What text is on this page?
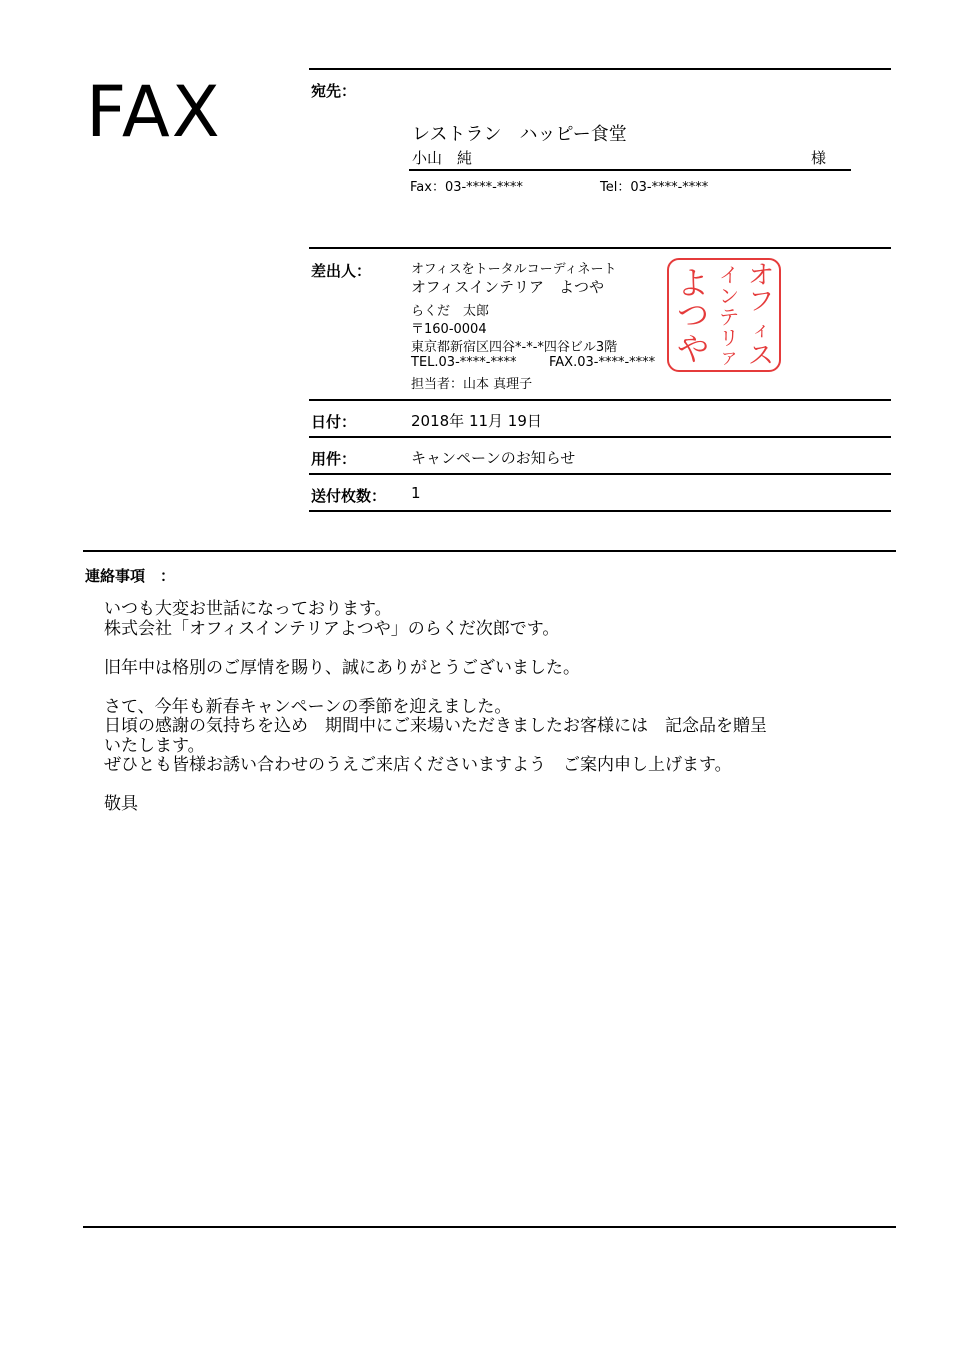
FAX	宛先：
レストラン　ハッピー食堂
小山　純	様
Fax：03-****-****	Tel：03-****-****
差出人：	オフィスをトータルコーディネート
オフィスインテリア　よつや
らくだ　太郎
〒160-0004
東京都新宿区四谷*-*-*四谷ビル3階
TEL.03-****-****	FAX.03-****-****
担当者：山本 真理子
オ
フ
ィ
ス
イ
ン
テ
リ
ア
よ
つ
や
日付：	2018年 11月 19日
用件：	キャンペーンのお知らせ
送付枚数： 1
連絡事項　：
いつも大変お世話になっております。
株式会社「オフィスインテリアよつや」のらくだ次郎です。

旧年中は格別のご厚情を賜り、誠にありがとうございました。

さて、今年も新春キャンペーンの季節を迎えました。
日頃の感謝の気持ちを込め　期間中にご来場いただきましたお客様には　記念品を贈呈
いたします。
ぜひとも皆様お誘い合わせのうえご来店くださいますよう　ご案内申し上げます。

敬具
